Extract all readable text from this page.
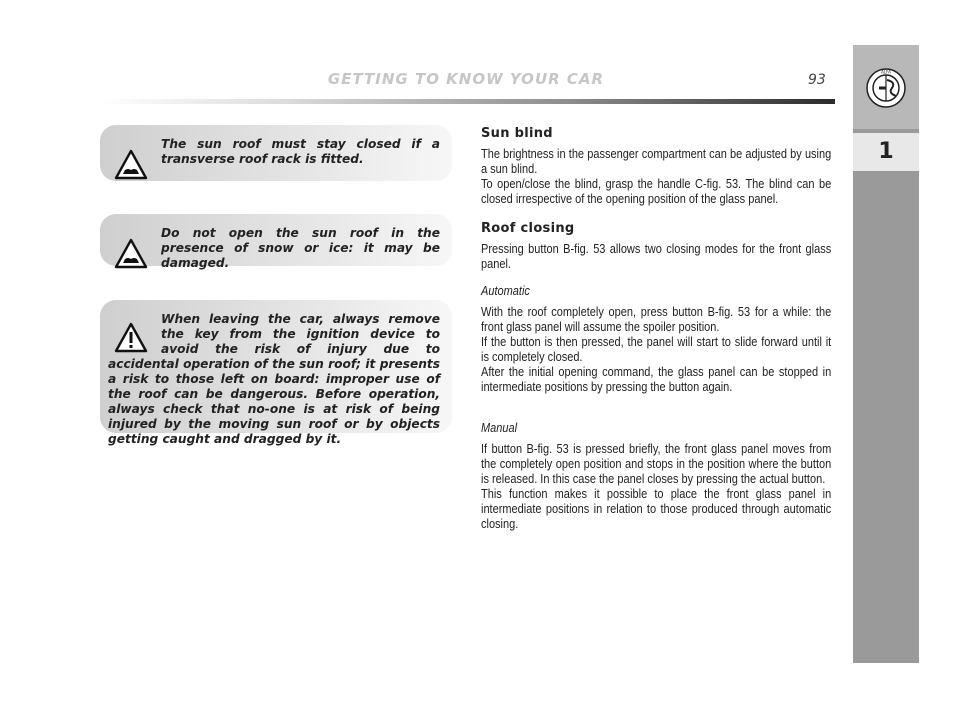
GETTING TO KNOW YOUR CAR	93	ALFA
1

The sun roof must stay closed if a transverse roof rack is fitted.

Do not open the sun roof in the presence of snow or ice: it may be damaged.

When leaving the car, always remove the key from the ignition device to avoid the risk of injury due to accidental operation of the sun roof; it presents a risk to those left on board: improper use of the roof can be dangerous. Before operation, always check that no-one is at risk of being injured by the moving sun roof or by objects getting caught and dragged by it.

Sun blind

The brightness in the passenger compartment can be adjusted by using a sun blind.

To open/close the blind, grasp the handle C-fig. 53. The blind can be closed irrespective of the opening position of the glass panel.

Roof closing

Pressing button B-fig. 53 allows two closing modes for the front glass panel.

Automatic

With the roof completely open, press button B-fig. 53 for a while: the front glass panel will assume the spoiler position.

If the button is then pressed, the panel will start to slide forward until it is completely closed.

After the initial opening command, the glass panel can be stopped in intermediate positions by pressing the button again.

Manual

If button B-fig. 53 is pressed briefly, the front glass panel moves from the completely open position and stops in the position where the button is released. In this case the panel closes by pressing the actual button.

This function makes it possible to place the front glass panel in intermediate positions in relation to those produced through automatic closing.
